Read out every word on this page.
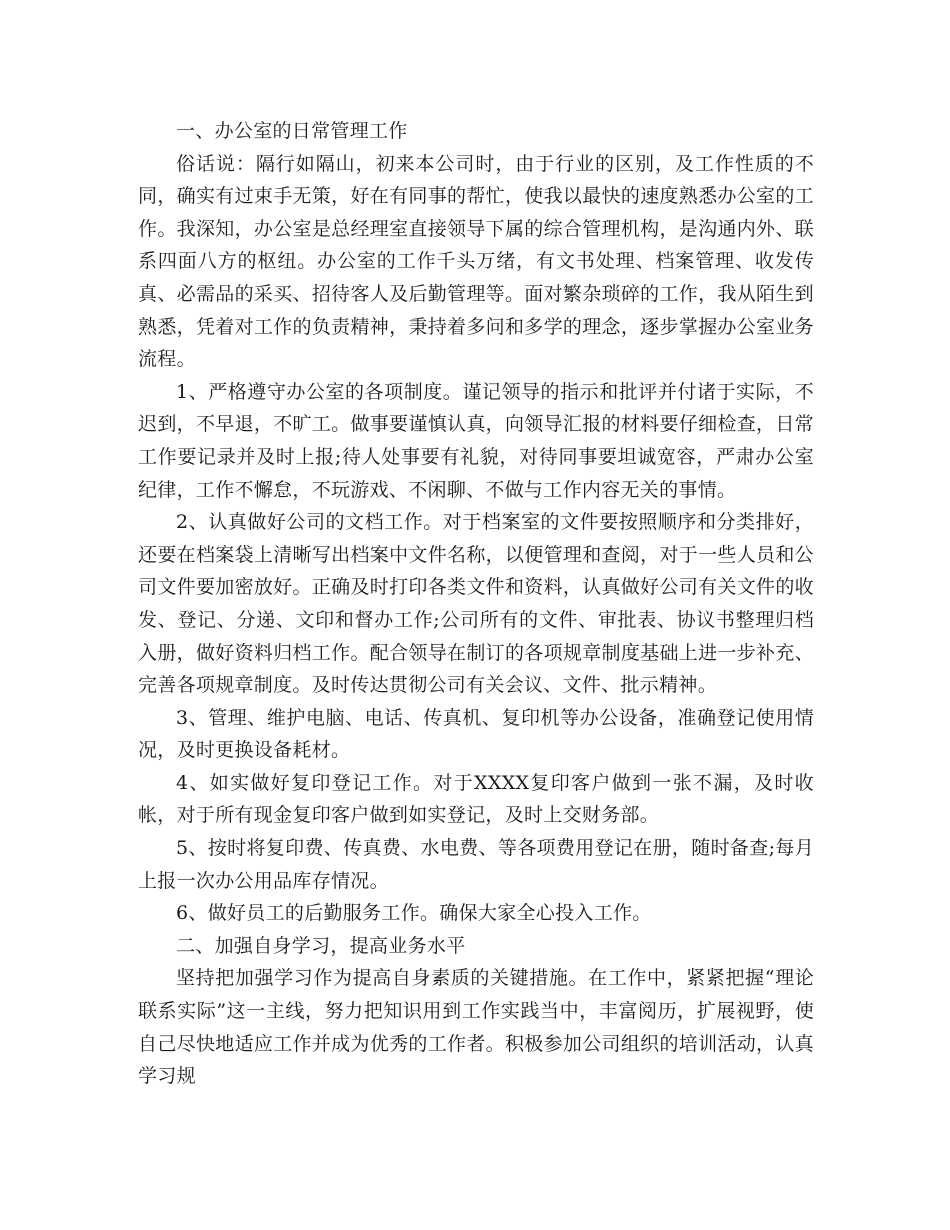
一、办公室的日常管理工作

俗话说：隔行如隔山，初来本公司时，由于行业的区别，及工作性质的不同，确实有过束手无策，好在有同事的帮忙，使我以最快的速度熟悉办公室的工作。我深知，办公室是总经理室直接领导下属的综合管理机构，是沟通内外、联系四面八方的枢纽。办公室的工作千头万绪，有文书处理、档案管理、收发传真、必需品的采买、招待客人及后勤管理等。面对繁杂琐碎的工作，我从陌生到熟悉，凭着对工作的负责精神，秉持着多问和多学的理念，逐步掌握办公室业务流程。

1、严格遵守办公室的各项制度。谨记领导的指示和批评并付诸于实际，不迟到，不早退，不旷工。做事要谨慎认真，向领导汇报的材料要仔细检查，日常工作要记录并及时上报;待人处事要有礼貌，对待同事要坦诚宽容，严肃办公室纪律，工作不懈怠，不玩游戏、不闲聊、不做与工作内容无关的事情。

2、认真做好公司的文档工作。对于档案室的文件要按照顺序和分类排好，还要在档案袋上清晰写出档案中文件名称，以便管理和查阅，对于一些人员和公司文件要加密放好。正确及时打印各类文件和资料，认真做好公司有关文件的收发、登记、分递、文印和督办工作;公司所有的文件、审批表、协议书整理归档入册，做好资料归档工作。配合领导在制订的各项规章制度基础上进一步补充、完善各项规章制度。及时传达贯彻公司有关会议、文件、批示精神。

3、管理、维护电脑、电话、传真机、复印机等办公设备，准确登记使用情况，及时更换设备耗材。

4、如实做好复印登记工作。对于XXXX复印客户做到一张不漏，及时收帐，对于所有现金复印客户做到如实登记，及时上交财务部。

5、按时将复印费、传真费、水电费、等各项费用登记在册，随时备查;每月上报一次办公用品库存情况。

6、做好员工的后勤服务工作。确保大家全心投入工作。

二、加强自身学习，提高业务水平

坚持把加强学习作为提高自身素质的关键措施。在工作中，紧紧把握“理论联系实际”这一主线，努力把知识用到工作实践当中，丰富阅历，扩展视野，使自己尽快地适应工作并成为优秀的工作者。积极参加公司组织的培训活动，认真学习规
